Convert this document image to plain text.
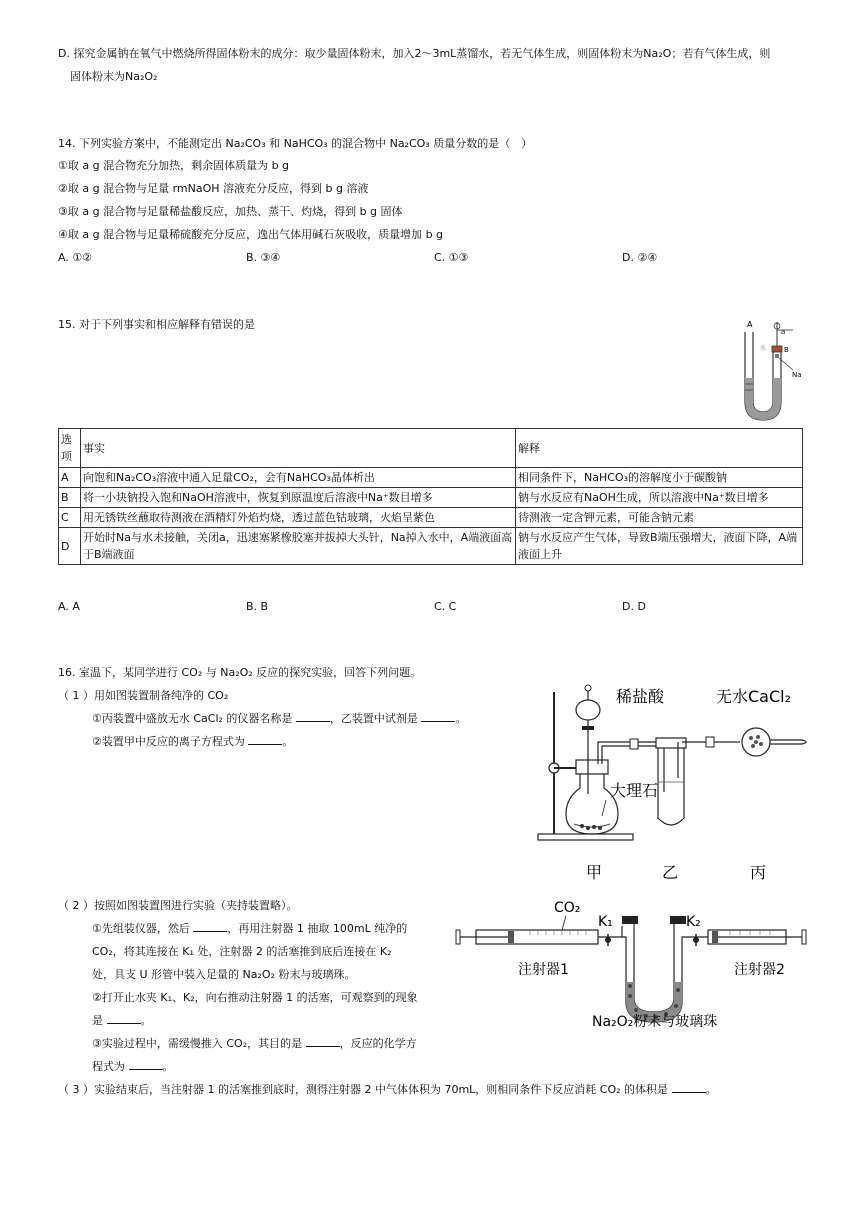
D. 探究金属钠在氧气中燃烧所得固体粉末的成分：取少量固体粉末，加入2～3mL蒸馏水，若无气体生成，则固体粉末为Na₂O；若有气体生成，则
固体粉末为Na₂O₂
14. 下列实验方案中，不能测定出 Na₂CO₃ 和 NaHCO₃ 的混合物中 Na₂CO₃ 质量分数的是（　）
①取 a g 混合物充分加热，剩余固体质量为 b g
②取 a g 混合物与足量 rmNaOH 溶液充分反应，得到 b g 溶液
③取 a g 混合物与足量稀盐酸反应，加热、蒸干、灼烧，得到 b g 固体
④取 a g 混合物与足量稀硫酸充分反应，逸出气体用碱石灰吸收，质量增加 b g
A. ①②	B. ③④	C. ①③	D. ②④
15. 对于下列事实和相应解释有错误的是	A
a
B
Na
水
选项	事实	解释
A	向饱和Na₂CO₃溶液中通入足量CO₂，会有NaHCO₃晶体析出	相同条件下，NaHCO₃的溶解度小于碳酸钠
B	将一小块钠投入饱和NaOH溶液中，恢复到原温度后溶液中Na⁺数目增多	钠与水反应有NaOH生成，所以溶液中Na⁺数目增多
C	用无锈铁丝蘸取待测液在酒精灯外焰灼烧，透过蓝色钴玻璃，火焰呈紫色	待测液一定含钾元素，可能含钠元素
D	开始时Na与水未接触，关闭a，迅速塞紧橡胶塞并拔掉大头针，Na掉入水中，A端液面高于B端液面	钠与水反应产生气体，导致B端压强增大，液面下降，A端液面上升
A. A	B. B	C. C	D. D
16. 室温下，某同学进行 CO₂ 与 Na₂O₂ 反应的探究实验，回答下列问题。
（ 1 ）用如图装置制备纯净的 CO₂
①丙装置中盛放无水 CaCl₂ 的仪器名称是	，乙装置中试剂是	。
②装置甲中反应的离子方程式为	。
稀盐酸	无水CaCl₂
大理石
甲	乙	丙
（ 2 ）按照如图装置图进行实验（夹持装置略）。
①先组装仪器，然后	，再用注射器 1 抽取 100mL 纯净的
CO₂，将其连接在 K₁ 处，注射器 2 的活塞推到底后连接在 K₂
处，具支 U 形管中装入足量的 Na₂O₂ 粉末与玻璃珠。
②打开止水夹 K₁、K₂，向右推动注射器 1 的活塞，可观察到的现象
是	。
③实验过程中，需缓慢推入 CO₂，其目的是	，反应的化学方
程式为	。
CO₂
注射器1
K₁
Na₂O₂粉末与玻璃珠
K₂
注射器2
（ 3 ）实验结束后，当注射器 1 的活塞推到底时，测得注射器 2 中气体体积为 70mL，则相同条件下反应消耗 CO₂ 的体积是	。
